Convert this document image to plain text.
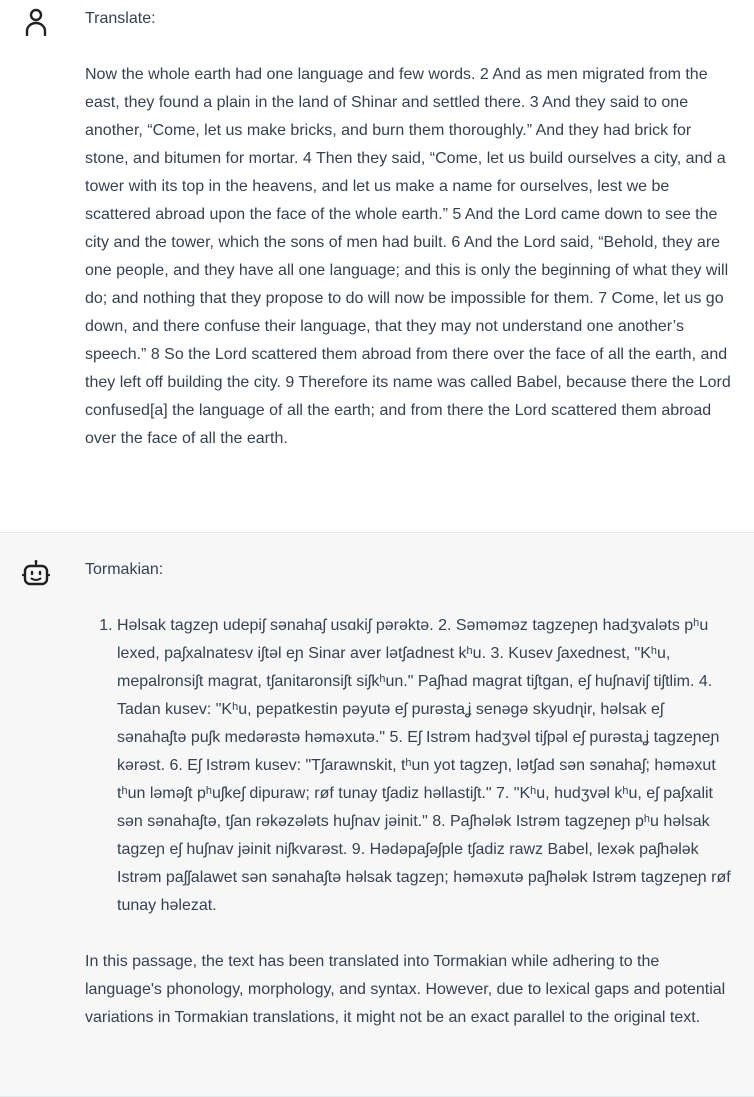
Translate:

Now the whole earth had one language and few words. 2 And as men migrated from the east, they found a plain in the land of Shinar and settled there. 3 And they said to one another, “Come, let us make bricks, and burn them thoroughly.” And they had brick for stone, and bitumen for mortar. 4 Then they said, “Come, let us build ourselves a city, and a tower with its top in the heavens, and let us make a name for ourselves, lest we be scattered abroad upon the face of the whole earth.” 5 And the Lord came down to see the city and the tower, which the sons of men had built. 6 And the Lord said, “Behold, they are one people, and they have all one language; and this is only the beginning of what they will do; and nothing that they propose to do will now be impossible for them. 7 Come, let us go down, and there confuse their language, that they may not understand one another’s speech.” 8 So the Lord scattered them abroad from there over the face of all the earth, and they left off building the city. 9 Therefore its name was called Babel, because there the Lord confused[a] the language of all the earth; and from there the Lord scattered them abroad over the face of all the earth.

Tormakian:

1. Həlsak tagzeɲ udepiʃ sənahaʃ usɑkiʃ pərəktə. 2. Səməməz tagzeɲeɲ hadʒvaləts pʰu lexed, paʃxalnatesv iʃtəl eɲ Sinar aver lətʃadnest kʰu. 3. Kusev ʃaxednest, "Kʰu, mepalronsiʃt magrat, tʃanitaronsiʃt siʃkʰun." Paʃhad magrat tiʃtgan, eʃ huʃnaviʃ tiʃtlim. 4. Tadan kusev: "Kʰu, pepatkestin pəyutə eʃ purəstaʝ senəgə skyudɳir, həlsak eʃ sənahaʃtə puʃk medərəstə həməxutə." 5. Eʃ Istrəm hadʒvəl tiʃpəl eʃ purəstaʝ tagzeɲeɲ kərəst. 6. Eʃ Istrəm kusev: "Tʃarawnskit, tʰun yot tagzeɲ, lətʃad sən sənahaʃ; həməxut tʰun ləməʃt pʰuʃkeʃ dipuraw; røf tunay tʃadiz həllastiʃt." 7. "Kʰu, hudʒvəl kʰu, eʃ paʃxalit sən sənahaʃtə, tʃan rəkəzələts huʃnav jəinit." 8. Paʃhələk Istrəm tagzeɲeɲ pʰu həlsak tagzeɲ eʃ huʃnav jəinit niʃkvarəst. 9. Hədəpaʃəʃple tʃadiz rawz Babel, lexək paʃhələk Istrəm paʃʃalawet sən sənahaʃtə həlsak tagzeɲ; həməxutə paʃhələk Istrəm tagzeɲeɲ røf tunay həlezat.

In this passage, the text has been translated into Tormakian while adhering to the language's phonology, morphology, and syntax. However, due to lexical gaps and potential variations in Tormakian translations, it might not be an exact parallel to the original text.
